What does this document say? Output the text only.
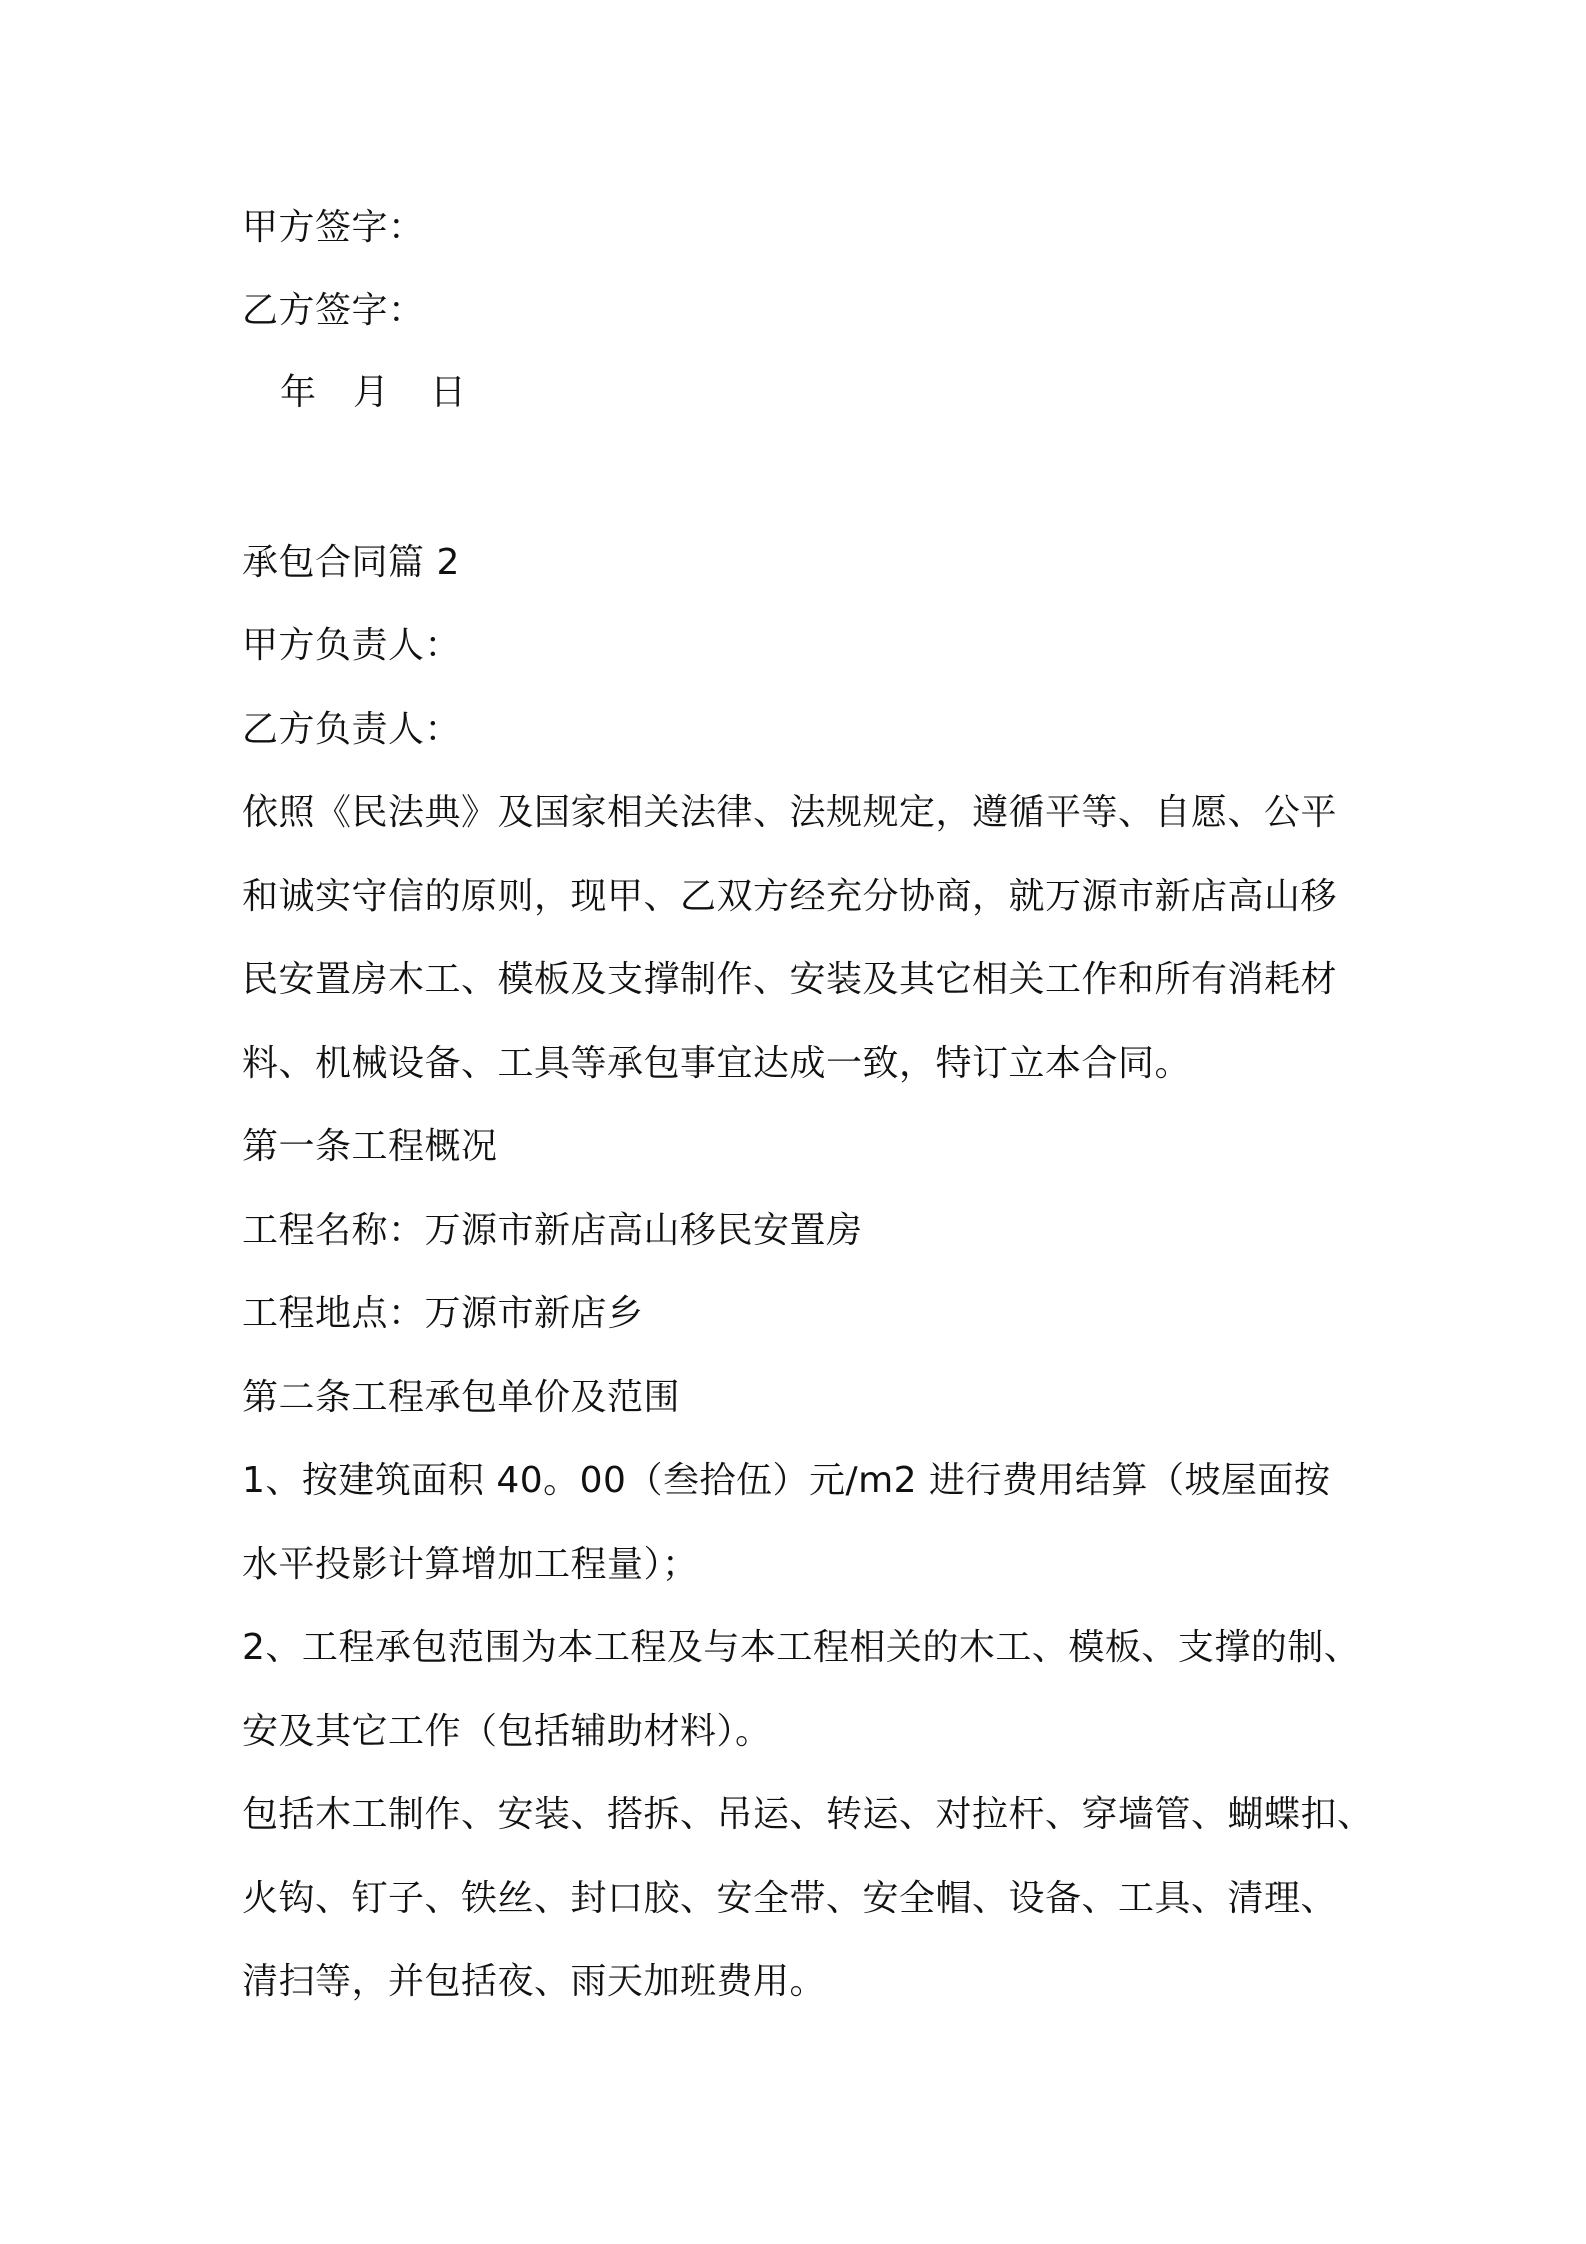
甲方签字：
乙方签字：
年 月 日
承包合同篇 2
甲方负责人：
乙方负责人：
依照《民法典》及国家相关法律、法规规定，遵循平等、自愿、公平
和诚实守信的原则，现甲、乙双方经充分协商，就万源市新店高山移
民安置房木工、模板及支撑制作、安装及其它相关工作和所有消耗材
料、机械设备、工具等承包事宜达成一致，特订立本合同。
第一条工程概况
工程名称：万源市新店高山移民安置房
工程地点：万源市新店乡
第二条工程承包单价及范围
1、按建筑面积 40。00（叁拾伍）元/m2 进行费用结算（坡屋面按
水平投影计算增加工程量）；
2、工程承包范围为本工程及与本工程相关的木工、模板、支撑的制、
安及其它工作（包括辅助材料）。
包括木工制作、安装、搭拆、吊运、转运、对拉杆、穿墙管、蝴蝶扣、
火钩、钉子、铁丝、封口胶、安全带、安全帽、设备、工具、清理、
清扫等，并包括夜、雨天加班费用。
